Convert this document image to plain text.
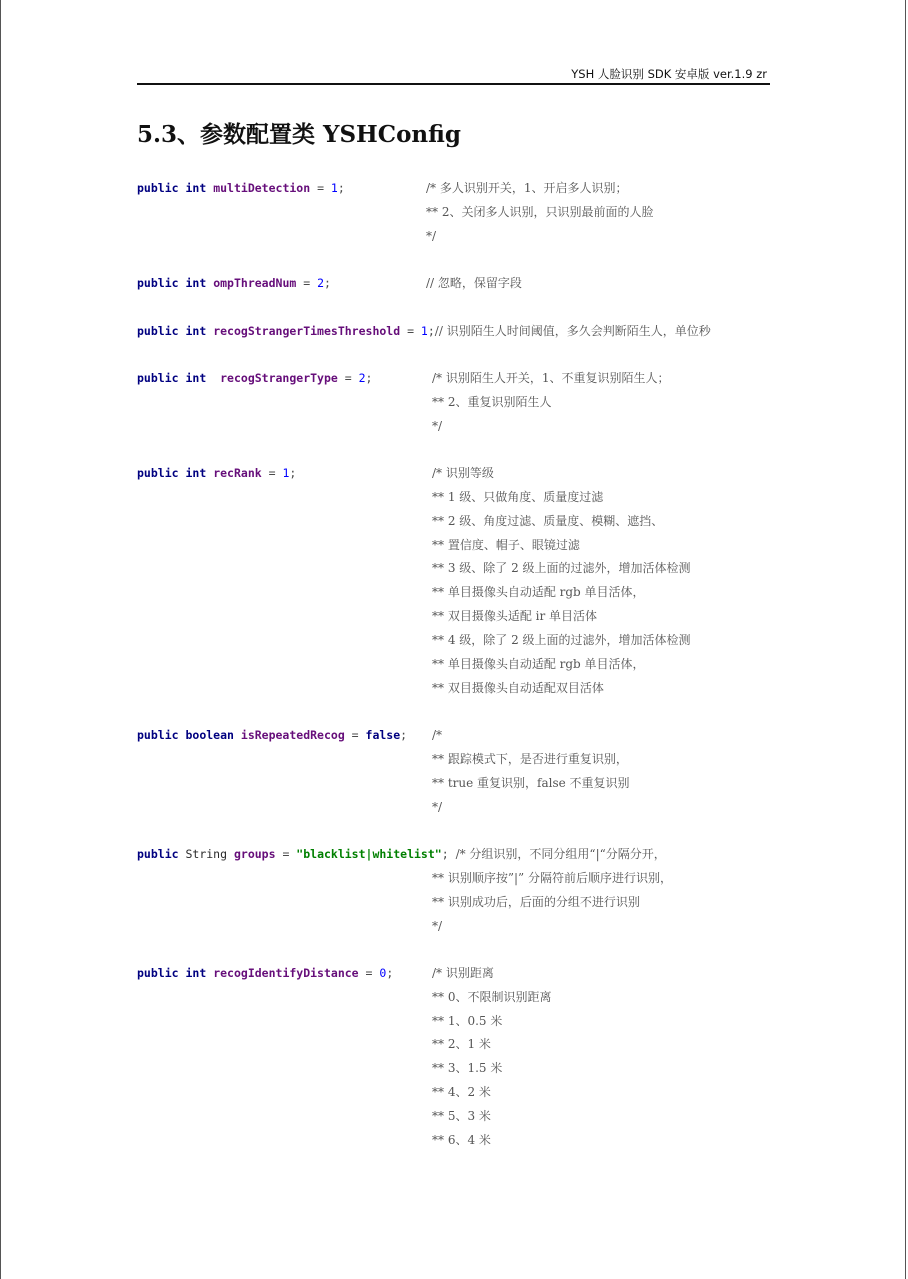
YSH 人脸识别 SDK 安卓版 ver.1.9 zr
5.3、参数配置类 YSHConfig
public int multiDetection = 1;	/* 多人识别开关，1、开启多人识别；
** 2、关闭多人识别，只识别最前面的人脸
*/
public int ompThreadNum = 2;	// 忽略，保留字段
public int recogStrangerTimesThreshold = 1;// 识别陌生人时间阈值，多久会判断陌生人，单位秒
public int recogStrangerType = 2;	/* 识别陌生人开关，1、不重复识别陌生人；
** 2、重复识别陌生人
*/
public int recRank = 1;	/* 识别等级
** 1 级、只做角度、质量度过滤
** 2 级、角度过滤、质量度、模糊、遮挡、
** 置信度、帽子、眼镜过滤
** 3 级、除了 2 级上面的过滤外，增加活体检测
** 单目摄像头自动适配 rgb 单目活体，
** 双目摄像头适配 ir 单目活体
** 4 级，除了 2 级上面的过滤外，增加活体检测
** 单目摄像头自动适配 rgb 单目活体，
** 双目摄像头自动适配双目活体
public boolean isRepeatedRecog = false; /*
** 跟踪模式下，是否进行重复识别，
** true 重复识别，false 不重复识别
*/
public String groups = "blacklist|whitelist"; /* 分组识别，不同分组用“|“分隔分开，
** 识别顺序按”|” 分隔符前后顺序进行识别，
** 识别成功后，后面的分组不进行识别
*/
public int recogIdentifyDistance = 0;	/* 识别距离
** 0、不限制识别距离
** 1、0.5 米
** 2、1 米
** 3、1.5 米
** 4、2 米
** 5、3 米
** 6、4 米
